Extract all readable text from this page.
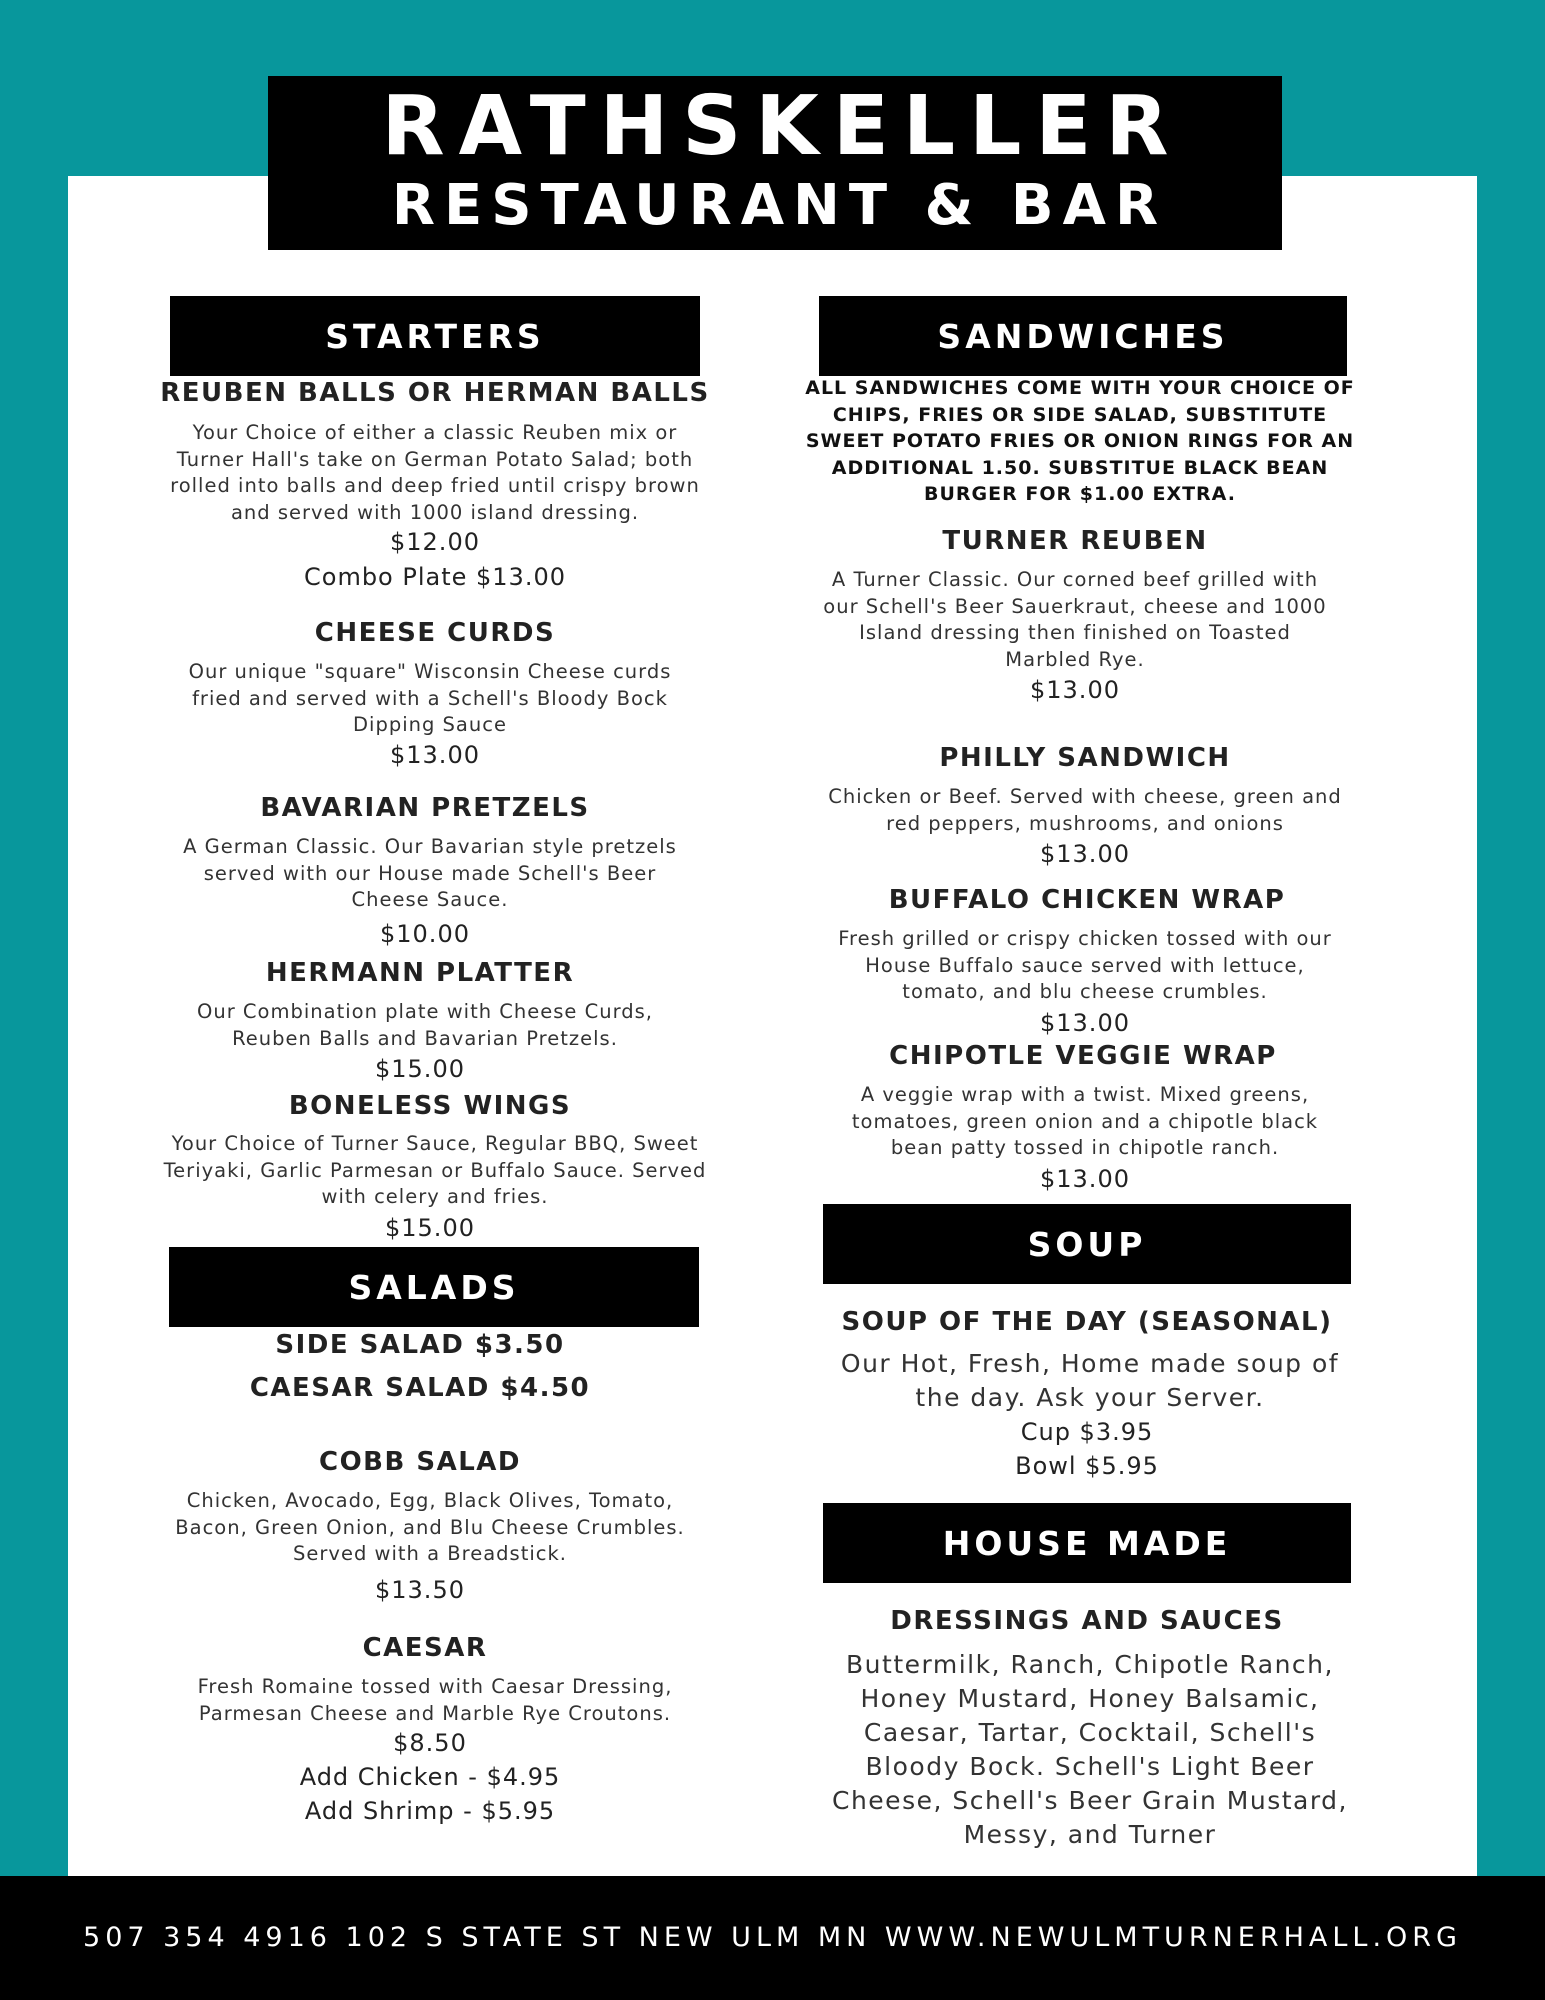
RATHSKELLER
RESTAURANT & BAR
STARTERS
REUBEN BALLS OR HERMAN BALLS
Your Choice of either a classic Reuben mix or Turner Hall's take on German Potato Salad; both rolled into balls and deep fried until crispy brown and served with 1000 island dressing.
$12.00
Combo Plate $13.00
CHEESE CURDS
Our unique "square" Wisconsin Cheese curds fried and served with a Schell's Bloody Bock Dipping Sauce
$13.00
BAVARIAN PRETZELS
A German Classic. Our Bavarian style pretzels served with our House made Schell's Beer Cheese Sauce.
$10.00
HERMANN PLATTER
Our Combination plate with Cheese Curds, Reuben Balls and Bavarian Pretzels.
$15.00
BONELESS WINGS
Your Choice of Turner Sauce, Regular BBQ, Sweet Teriyaki, Garlic Parmesan or Buffalo Sauce. Served with celery and fries.
$15.00
SALADS
SIDE SALAD $3.50
CAESAR SALAD $4.50
COBB SALAD
Chicken, Avocado, Egg, Black Olives, Tomato, Bacon, Green Onion, and Blu Cheese Crumbles. Served with a Breadstick.
$13.50
CAESAR
Fresh Romaine tossed with Caesar Dressing, Parmesan Cheese and Marble Rye Croutons.
$8.50
Add Chicken - $4.95
Add Shrimp - $5.95
SANDWICHES
ALL SANDWICHES COME WITH YOUR CHOICE OF CHIPS, FRIES OR SIDE SALAD, SUBSTITUTE SWEET POTATO FRIES OR ONION RINGS FOR AN ADDITIONAL 1.50. SUBSTITUE BLACK BEAN BURGER FOR $1.00 EXTRA.
TURNER REUBEN
A Turner Classic. Our corned beef grilled with our Schell's Beer Sauerkraut, cheese and 1000 Island dressing then finished on Toasted Marbled Rye.
$13.00
PHILLY SANDWICH
Chicken or Beef. Served with cheese, green and red peppers, mushrooms, and onions
$13.00
BUFFALO CHICKEN WRAP
Fresh grilled or crispy chicken tossed with our House Buffalo sauce served with lettuce, tomato, and blu cheese crumbles.
$13.00
CHIPOTLE VEGGIE WRAP
A veggie wrap with a twist. Mixed greens, tomatoes, green onion and a chipotle black bean patty tossed in chipotle ranch.
$13.00
SOUP
SOUP OF THE DAY (SEASONAL)
Our Hot, Fresh, Home made soup of the day. Ask your Server.
Cup $3.95
Bowl $5.95
HOUSE MADE
DRESSINGS AND SAUCES
Buttermilk, Ranch, Chipotle Ranch, Honey Mustard, Honey Balsamic, Caesar, Tartar, Cocktail, Schell's Bloody Bock. Schell's Light Beer Cheese, Schell's Beer Grain Mustard, Messy, and Turner
507 354 4916 102 S STATE ST NEW ULM MN WWW.NEWULMTURNERHALL.ORG
